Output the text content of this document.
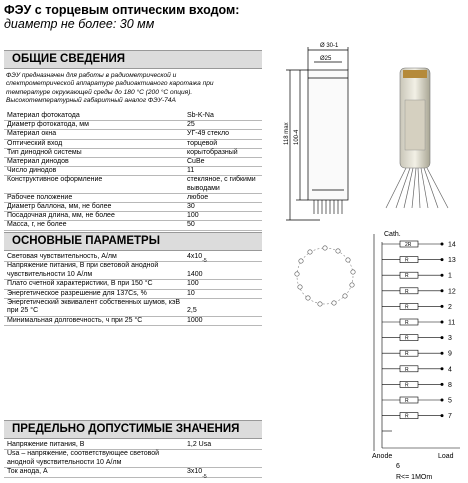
ФЭУ с торцевым оптическим входом:
диаметр не более: 30 мм
ОБЩИЕ СВЕДЕНИЯ
ФЭУ предназначен для работы в радиометрической и спектрометрической аппаратуре радиоактивного каротажа при температуре окружающей среды до 180 °С (200 °С опция). Высокотемпературный габаритный аналог ФЭУ-74А
Материал фотокатода	Sb-K-Na
Диаметр фотокатода, мм	25
Материал окна	УГ-49 стекло
Оптический вход	торцевой
Тип динодной системы	корытобразный
Материал динодов	CuBe
Число динодов	11
Конструктивное оформление	стекляное, с гибкими выводами
Рабочее положение	любое
Диаметр баллона, мм, не более	30
Посадочная длина, мм, не более	100
Масса, г, не более	50
ОСНОВНЫЕ ПАРАМЕТРЫ
Световая чувствительность, А/лм	4x10
-5
Напряжение питания, В при световой анодной чувствительности 10 А/лм	1400
Плато счетной характеристики, В при 150 °С	100
Энергетическое разрешение для 137Cs, %	10
Энергетический эквивалент собственных шумов, кэВ при 25 °С	2,5
Минимальная долговечность, ч при 25 °С	1000
ПРЕДЕЛЬНО ДОПУСТИМЫЕ ЗНАЧЕНИЯ
Напряжение питания, В	1,2 Usa
Usa – напряжение, соответствующее световой анодной чувствительности 10 А/лм
Ток анода, А	3x10
-5
Ø 30-1
Ø25
118 max 100-4
Cath.
Anode	Load
6
R<= 1MOm
2R	14
R	13
R	1
R	12
R	2
R	11
R	3
R	9
R	4
R	8
R	5
R	7
